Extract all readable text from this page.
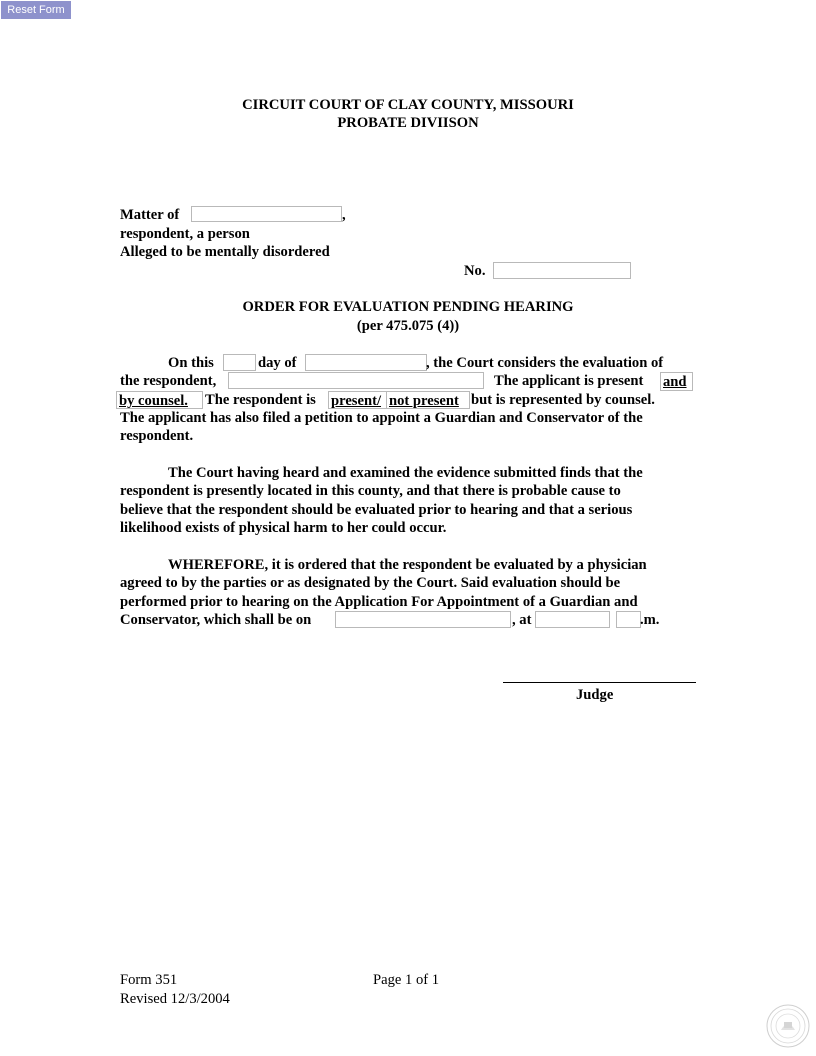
Reset Form
CIRCUIT COURT OF CLAY COUNTY, MISSOURI
PROBATE DIVIISON
Matter of	,
respondent, a person
Alleged to be mentally disordered
No.
ORDER FOR EVALUATION PENDING HEARING
(per 475.075 (4))
On this	day of	, the Court considers the evaluation of
the respondent,	The applicant is present and
by counsel.	The respondent is present/ not present but is represented by counsel.
The applicant has also filed a petition to appoint a Guardian and Conservator of the
respondent.
The Court having heard and examined the evidence submitted finds that the
respondent is presently located in this county, and that there is probable cause to
believe that the respondent should be evaluated prior to hearing and that a serious
likelihood exists of physical harm to her could occur.
WHEREFORE, it is ordered that the respondent be evaluated by a physician
agreed to by the parties or as designated by the Court. Said evaluation should be
performed prior to hearing on the Application For Appointment of a Guardian and
Conservator, which shall be on	, at	.m.
Judge
Form 351
Revised 12/3/2004
Page 1 of 1
